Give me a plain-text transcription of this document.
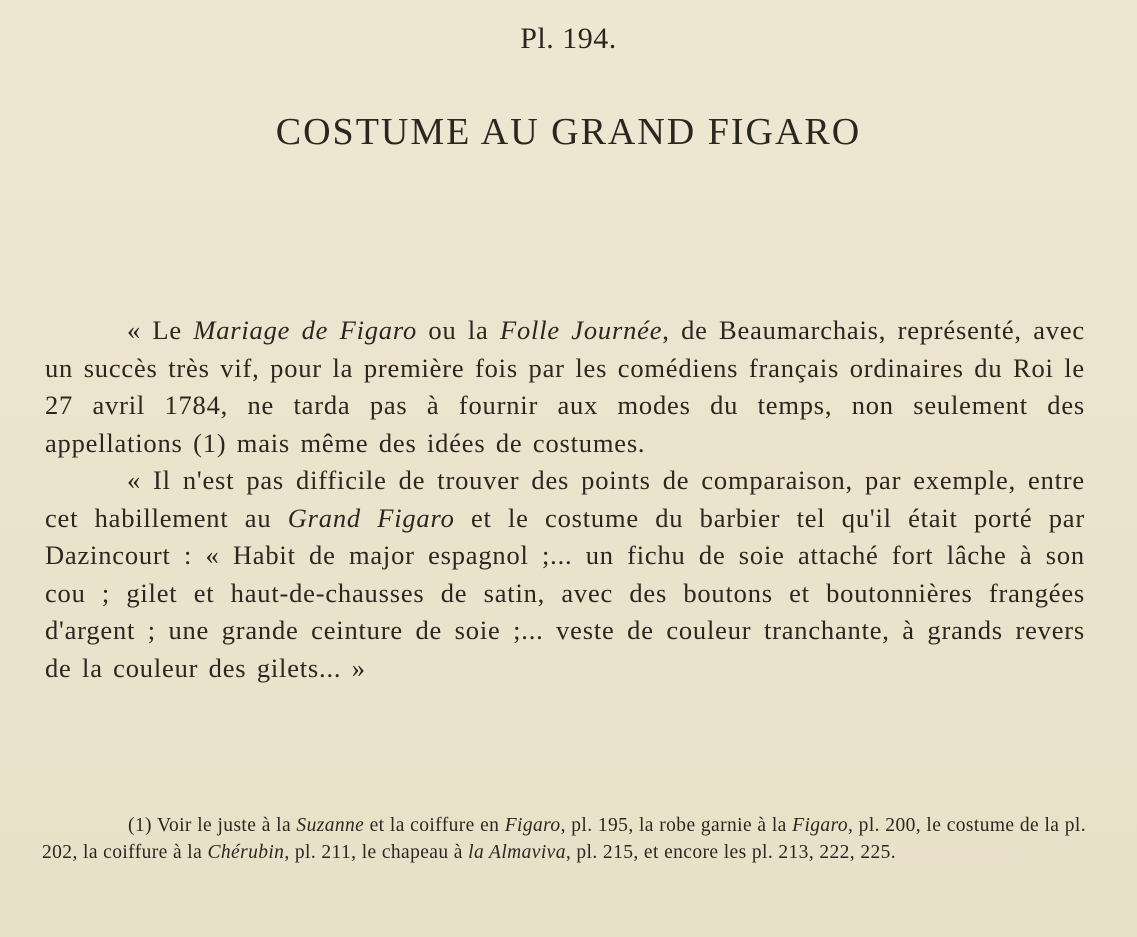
Pl. 194.
COSTUME AU GRAND FIGARO

« Le Mariage de Figaro ou la Folle Journée, de Beaumarchais, représenté, avec un succès très vif, pour la première fois par les comédiens français ordinaires du Roi le 27 avril 1784, ne tarda pas à fournir aux modes du temps, non seulement des appellations (1) mais même des idées de costumes.

« Il n'est pas difficile de trouver des points de comparaison, par exemple, entre cet habillement au Grand Figaro et le costume du barbier tel qu'il était porté par Dazincourt : « Habit de major espagnol ;... un fichu de soie attaché fort lâche à son cou ; gilet et haut-de-chausses de satin, avec des boutons et boutonnières frangées d'argent ; une grande ceinture de soie ;... veste de couleur tranchante, à grands revers de la couleur des gilets... »

(1) Voir le juste à la Suzanne et la coiffure en Figaro, pl. 195, la robe garnie à la Figaro, pl. 200, le costume de la pl. 202, la coiffure à la Chérubin, pl. 211, le chapeau à la Almaviva, pl. 215, et encore les pl. 213, 222, 225.
